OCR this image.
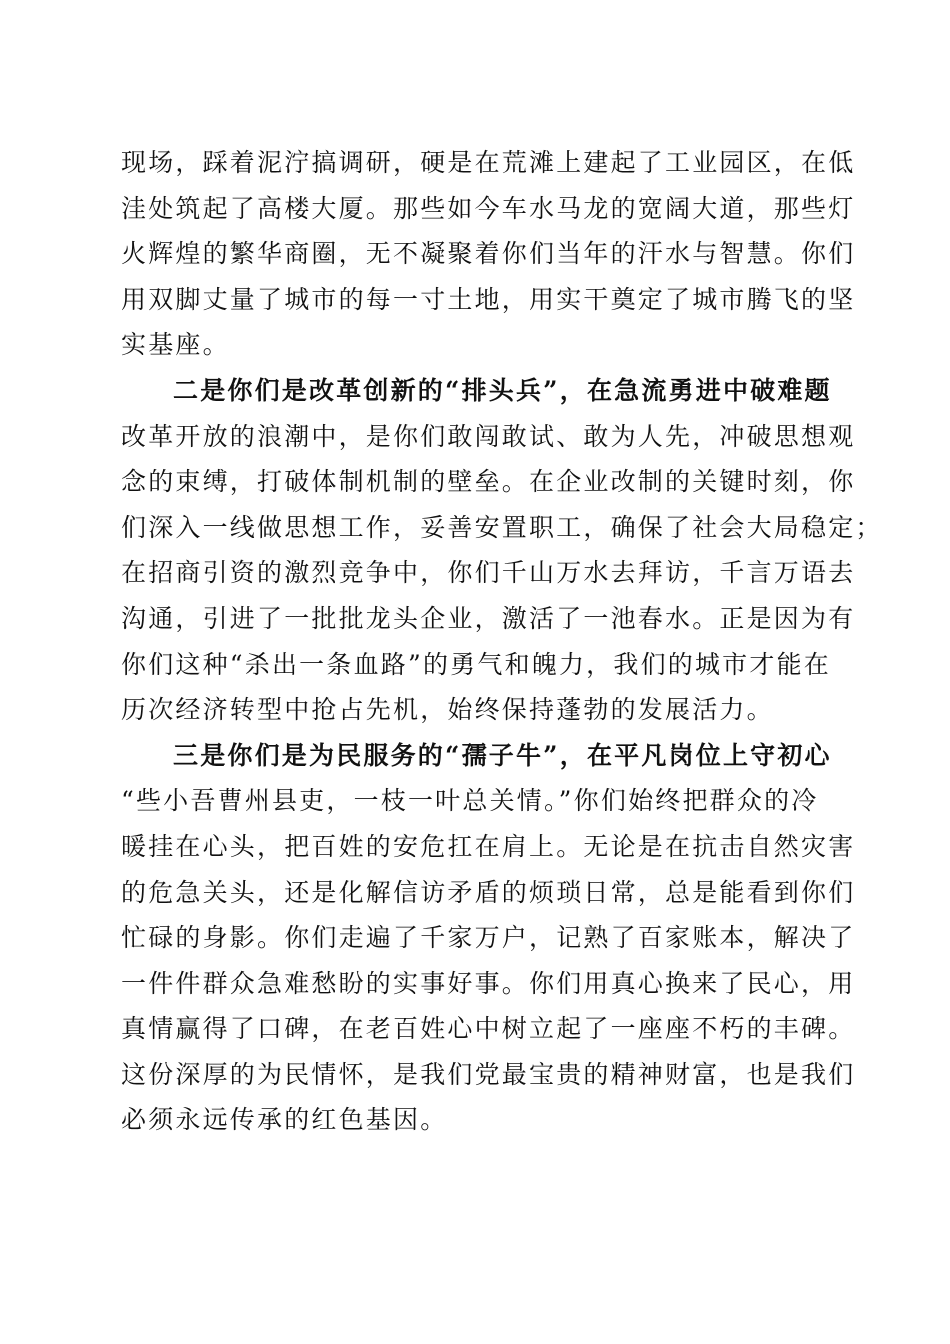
现场，踩着泥泞搞调研，硬是在荒滩上建起了工业园区，在低
洼处筑起了高楼大厦。那些如今车水马龙的宽阔大道，那些灯
火辉煌的繁华商圈，无不凝聚着你们当年的汗水与智慧。你们
用双脚丈量了城市的每一寸土地，用实干奠定了城市腾飞的坚
实基座。
二是你们是改革创新的“排头兵”，在急流勇进中破难题
改革开放的浪潮中，是你们敢闯敢试、敢为人先，冲破思想观
念的束缚，打破体制机制的壁垒。在企业改制的关键时刻，你
们深入一线做思想工作，妥善安置职工，确保了社会大局稳定；
在招商引资的激烈竞争中，你们千山万水去拜访，千言万语去
沟通，引进了一批批龙头企业，激活了一池春水。正是因为有
你们这种“杀出一条血路”的勇气和魄力，我们的城市才能在
历次经济转型中抢占先机，始终保持蓬勃的发展活力。
三是你们是为民服务的“孺子牛”，在平凡岗位上守初心
“些小吾曹州县吏，一枝一叶总关情。”你们始终把群众的冷
暖挂在心头，把百姓的安危扛在肩上。无论是在抗击自然灾害
的危急关头，还是化解信访矛盾的烦琐日常，总是能看到你们
忙碌的身影。你们走遍了千家万户，记熟了百家账本，解决了
一件件群众急难愁盼的实事好事。你们用真心换来了民心，用
真情赢得了口碑，在老百姓心中树立起了一座座不朽的丰碑。
这份深厚的为民情怀，是我们党最宝贵的精神财富，也是我们
必须永远传承的红色基因。
